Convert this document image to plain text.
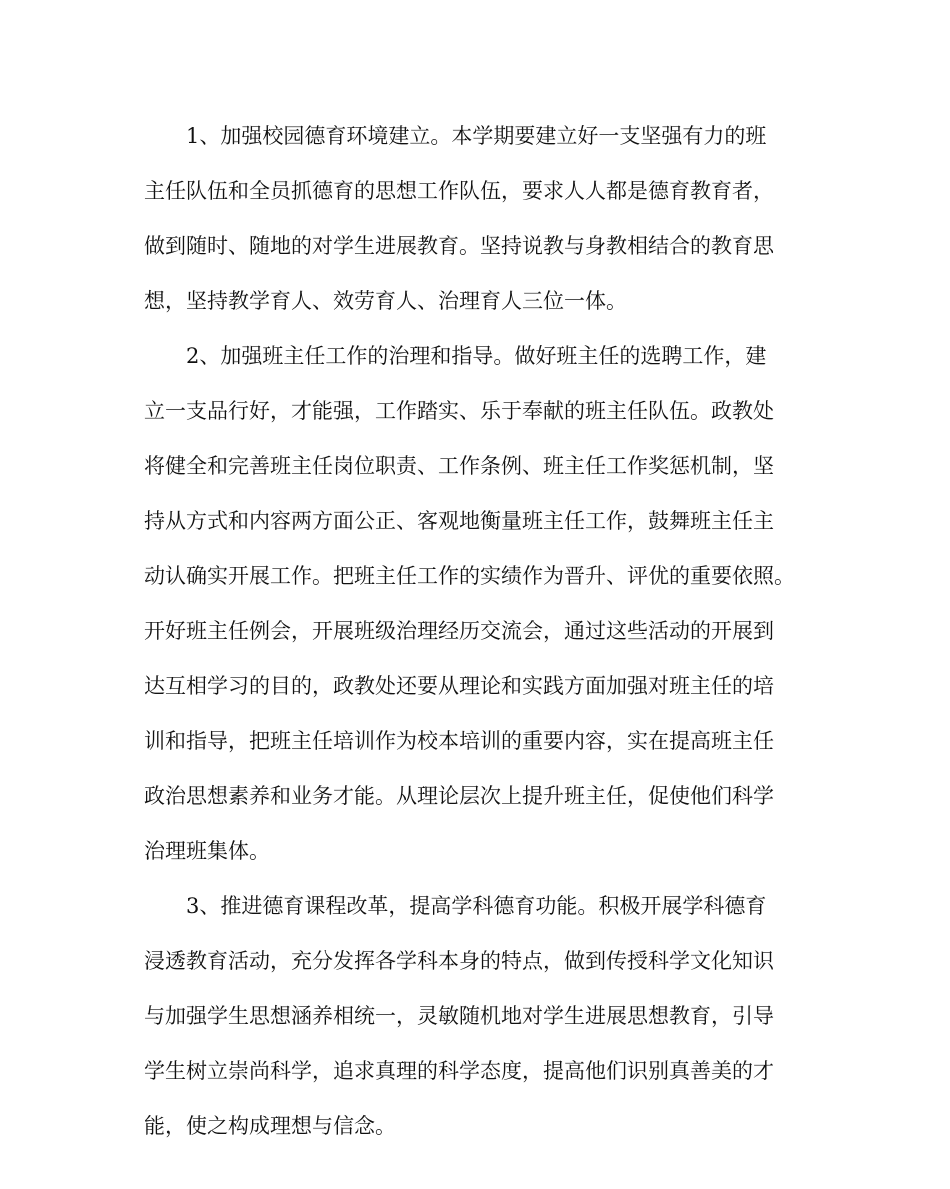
1、加强校园德育环境建立。本学期要建立好一支坚强有力的班
主任队伍和全员抓德育的思想工作队伍，要求人人都是德育教育者，
做到随时、随地的对学生进展教育。坚持说教与身教相结合的教育思
想，坚持教学育人、效劳育人、治理育人三位一体。
2、加强班主任工作的治理和指导。做好班主任的选聘工作，建
立一支品行好，才能强，工作踏实、乐于奉献的班主任队伍。政教处
将健全和完善班主任岗位职责、工作条例、班主任工作奖惩机制，坚
持从方式和内容两方面公正、客观地衡量班主任工作，鼓舞班主任主
动认确实开展工作。把班主任工作的实绩作为晋升、评优的重要依照。
开好班主任例会，开展班级治理经历交流会，通过这些活动的开展到
达互相学习的目的，政教处还要从理论和实践方面加强对班主任的培
训和指导，把班主任培训作为校本培训的重要内容，实在提高班主任
政治思想素养和业务才能。从理论层次上提升班主任，促使他们科学
治理班集体。
3、推进德育课程改革，提高学科德育功能。积极开展学科德育
浸透教育活动，充分发挥各学科本身的特点，做到传授科学文化知识
与加强学生思想涵养相统一，灵敏随机地对学生进展思想教育，引导
学生树立崇尚科学，追求真理的科学态度，提高他们识别真善美的才
能，使之构成理想与信念。
